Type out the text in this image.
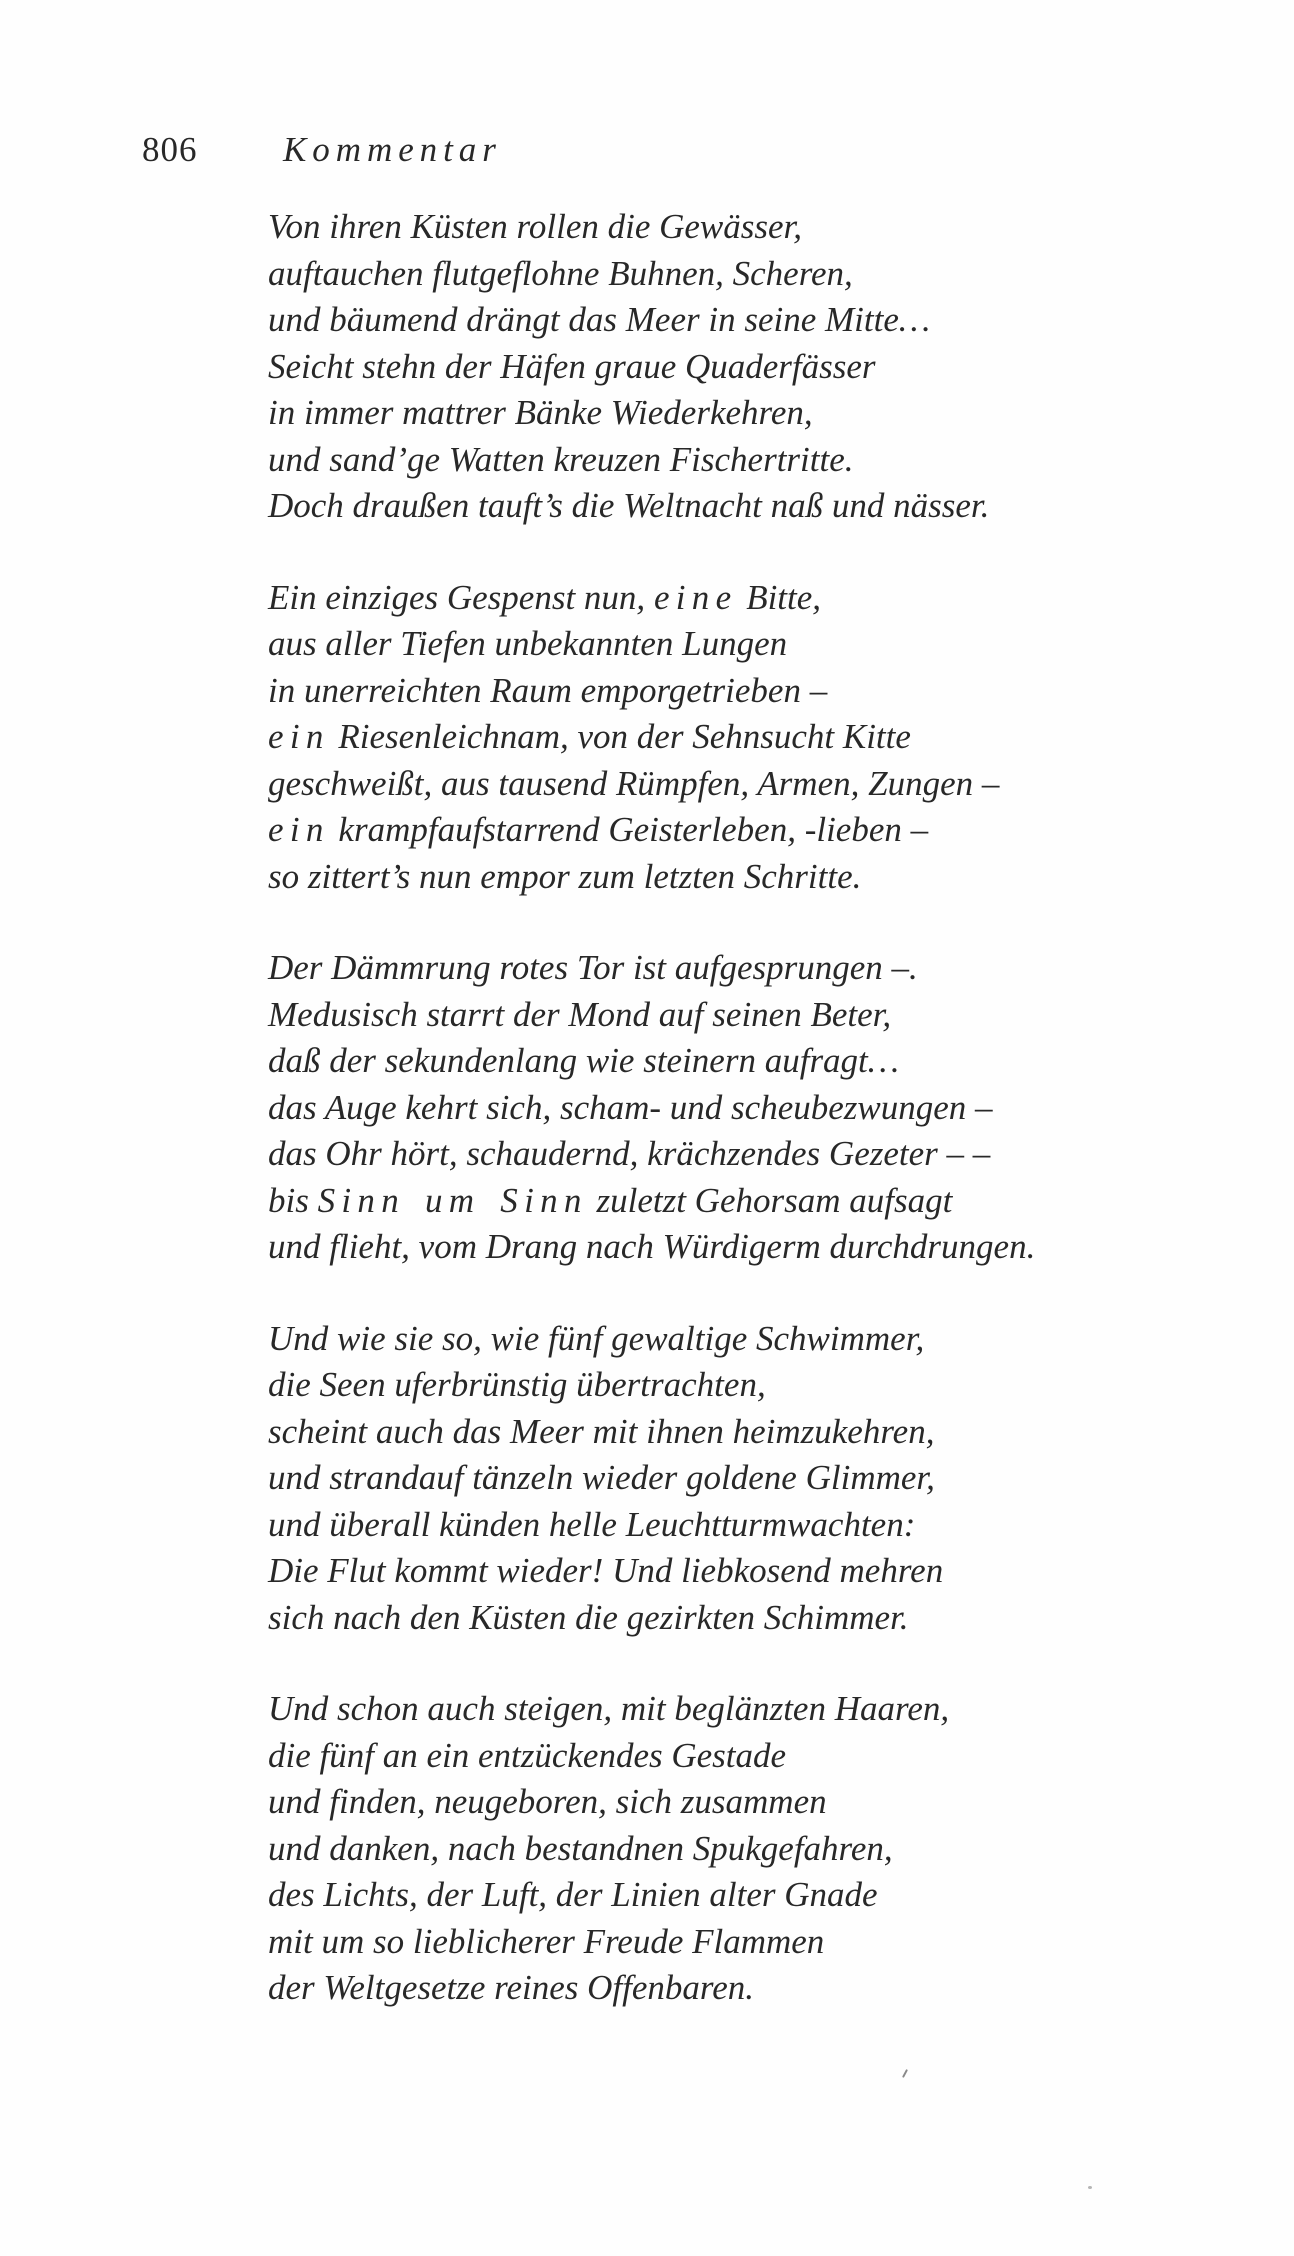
806 Kommentar
Von ihren Küsten rollen die Gewässer,
auftauchen flutgeflohne Buhnen, Scheren,
und bäumend drängt das Meer in seine Mitte…
Seicht stehn der Häfen graue Quaderfässer
in immer mattrer Bänke Wiederkehren,
und sand’ge Watten kreuzen Fischertritte.
Doch draußen tauft’s die Weltnacht naß und nässer.
Ein einziges Gespenst nun, eine Bitte,
aus aller Tiefen unbekannten Lungen
in unerreichten Raum emporgetrieben –
ein Riesenleichnam, von der Sehnsucht Kitte
geschweißt, aus tausend Rümpfen, Armen, Zungen –
ein krampfaufstarrend Geisterleben, -lieben –
so zittert’s nun empor zum letzten Schritte.
Der Dämmrung rotes Tor ist aufgesprungen –.
Medusisch starrt der Mond auf seinen Beter,
daß der sekundenlang wie steinern aufragt…
das Auge kehrt sich, scham- und scheubezwungen –
das Ohr hört, schaudernd, krächzendes Gezeter – –
bis Sinn um Sinn zuletzt Gehorsam aufsagt
und flieht, vom Drang nach Würdigerm durchdrungen.
Und wie sie so, wie fünf gewaltige Schwimmer,
die Seen uferbrünstig übertrachten,
scheint auch das Meer mit ihnen heimzukehren,
und strandauf tänzeln wieder goldene Glimmer,
und überall künden helle Leuchtturmwachten:
Die Flut kommt wieder! Und liebkosend mehren
sich nach den Küsten die gezirkten Schimmer.
Und schon auch steigen, mit beglänzten Haaren,
die fünf an ein entzückendes Gestade
und finden, neugeboren, sich zusammen
und danken, nach bestandnen Spukgefahren,
des Lichts, der Luft, der Linien alter Gnade
mit um so lieblicherer Freude Flammen
der Weltgesetze reines Offenbaren.
